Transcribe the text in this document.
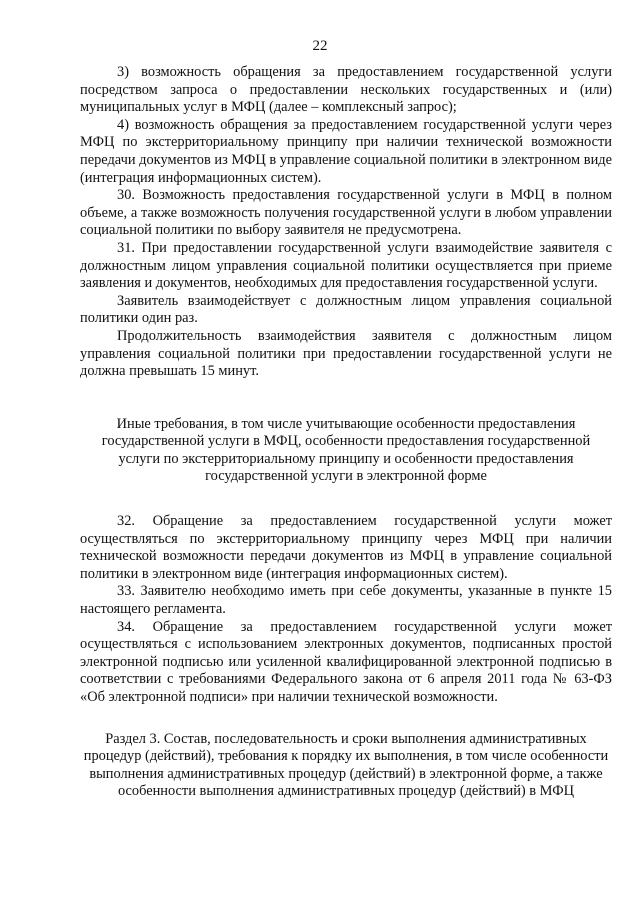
22

3) возможность обращения за предоставлением государственной услуги посредством запроса о предоставлении нескольких государственных и (или) муниципальных услуг в МФЦ (далее – комплексный запрос);

4) возможность обращения за предоставлением государственной услуги через МФЦ по экстерриториальному принципу при наличии технической возможности передачи документов из МФЦ в управление социальной политики в электронном виде (интеграция информационных систем).

30. Возможность предоставления государственной услуги в МФЦ в полном объеме, а также возможность получения государственной услуги в любом управлении социальной политики по выбору заявителя не предусмотрена.

31. При предоставлении государственной услуги взаимодействие заявителя с должностным лицом управления социальной политики осуществляется при приеме заявления и документов, необходимых для предоставления государственной услуги.

Заявитель взаимодействует с должностным лицом управления социальной политики один раз.

Продолжительность взаимодействия заявителя с должностным лицом управления социальной политики при предоставлении государственной услуги не должна превышать 15 минут.

Иные требования, в том числе учитывающие особенности предоставления государственной услуги в МФЦ, особенности предоставления государственной услуги по экстерриториальному принципу и особенности предоставления государственной услуги в электронной форме

32. Обращение за предоставлением государственной услуги может осуществляться по экстерриториальному принципу через МФЦ при наличии технической возможности передачи документов из МФЦ в управление социальной политики в электронном виде (интеграция информационных систем).

33. Заявителю необходимо иметь при себе документы, указанные в пункте 15 настоящего регламента.

34. Обращение за предоставлением государственной услуги может осуществляться с использованием электронных документов, подписанных простой электронной подписью или усиленной квалифицированной электронной подписью в соответствии с требованиями Федерального закона от 6 апреля 2011 года № 63-ФЗ «Об электронной подписи» при наличии технической возможности.

Раздел 3. Состав, последовательность и сроки выполнения административных процедур (действий), требования к порядку их выполнения, в том числе особенности выполнения административных процедур (действий) в электронной форме, а также особенности выполнения административных процедур (действий) в МФЦ
